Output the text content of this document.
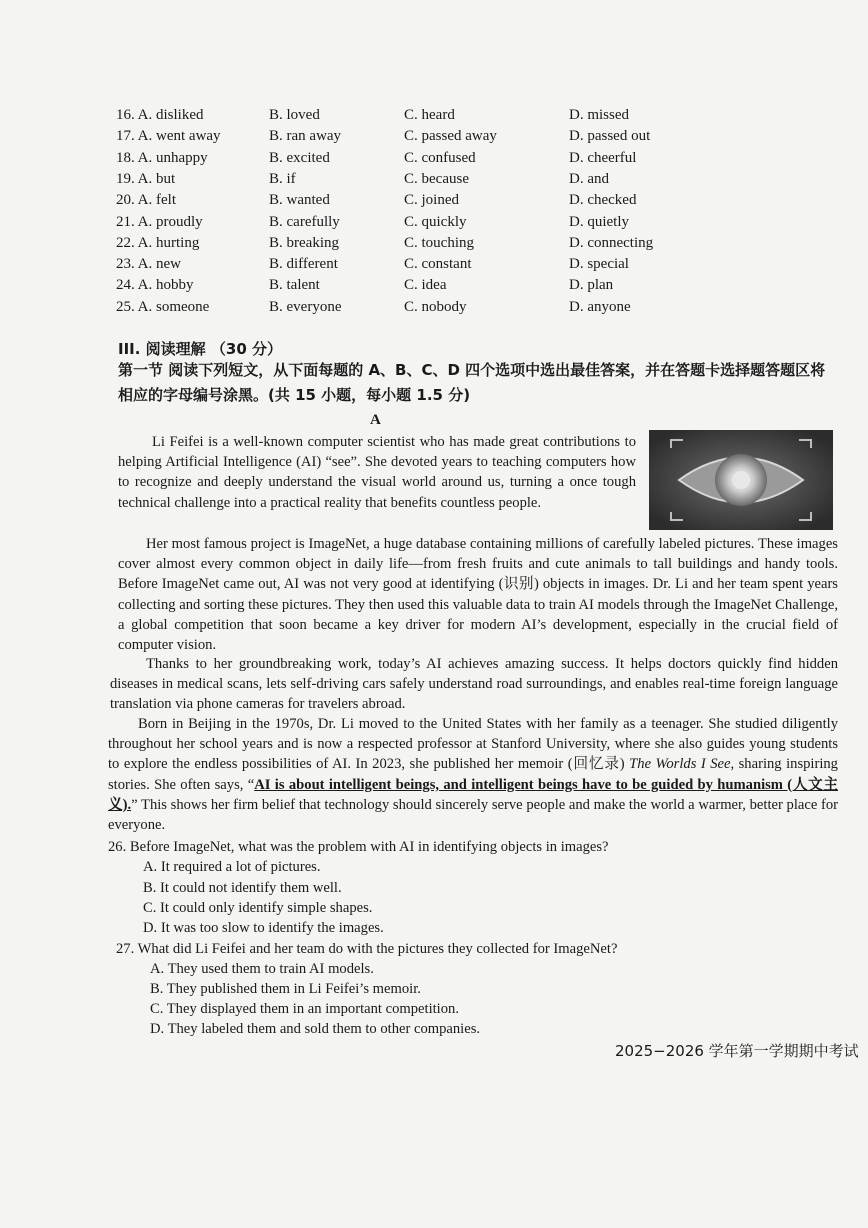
16. A. disliked	B. loved	C. heard	D. missed
17. A. went away	B. ran away	C. passed away	D. passed out
18. A. unhappy	B. excited	C. confused	D. cheerful
19. A. but	B. if	C. because	D. and
20. A. felt	B. wanted	C. joined	D. checked
21. A. proudly	B. carefully	C. quickly	D. quietly
22. A. hurting	B. breaking	C. touching	D. connecting
23. A. new	B. different	C. constant	D. special
24. A. hobby	B. talent	C. idea	D. plan
25. A. someone	B. everyone	C. nobody	D. anyone
III. 阅读理解 （30 分）
第一节 阅读下列短文，从下面每题的 A、B、C、D 四个选项中选出最佳答案，并在答题卡选择题答题区将相应的字母编号涂黑。(共 15 小题，每小题 1.5 分)
A
Li Feifei is a well-known computer scientist who has made great contributions to helping Artificial Intelligence (AI) “see”. She devoted years to teaching computers how to recognize and deeply understand the visual world around us, turning a once tough technical challenge into a practical reality that benefits countless people.
Her most famous project is ImageNet, a huge database containing millions of carefully labeled pictures. These images cover almost every common object in daily life—from fresh fruits and cute animals to tall buildings and handy tools. Before ImageNet came out, AI was not very good at identifying (识别) objects in images. Dr. Li and her team spent years collecting and sorting these pictures. They then used this valuable data to train AI models through the ImageNet Challenge, a global competition that soon became a key driver for modern AI’s development, especially in the crucial field of computer vision.
Thanks to her groundbreaking work, today’s AI achieves amazing success. It helps doctors quickly find hidden diseases in medical scans, lets self-driving cars safely understand road surroundings, and enables real-time foreign language translation via phone cameras for travelers abroad.
Born in Beijing in the 1970s, Dr. Li moved to the United States with her family as a teenager. She studied diligently throughout her school years and is now a respected professor at Stanford University, where she also guides young students to explore the endless possibilities of AI. In 2023, she published her memoir (回忆录) The Worlds I See, sharing inspiring stories. She often says, “AI is about intelligent beings, and intelligent beings have to be guided by humanism (人文主义).” This shows her firm belief that technology should sincerely serve people and make the world a warmer, better place for everyone.
26. Before ImageNet, what was the problem with AI in identifying objects in images?
A. It required a lot of pictures.
B. It could not identify them well.
C. It could only identify simple shapes.
D. It was too slow to identify the images.
27. What did Li Feifei and her team do with the pictures they collected for ImageNet?
A. They used them to train AI models.
B. They published them in Li Feifei’s memoir.
C. They displayed them in an important competition.
D. They labeled them and sold them to other companies.
2025−2026 学年第一学期期中考试
